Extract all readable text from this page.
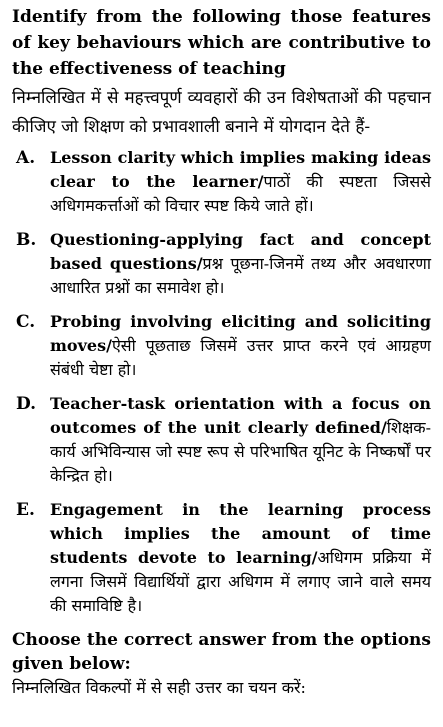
Identify from the following those features of key behaviours which are contributive to the effectiveness of teaching
निम्नलिखित में से महत्त्वपूर्ण व्यवहारों की उन विशेषताओं की पहचान कीजिए जो शिक्षण को प्रभावशाली बनाने में योगदान देते हैं-
A. Lesson clarity which implies making ideas clear to the learner/पाठों की स्पष्टता जिससे अधिगमकर्त्ताओं को विचार स्पष्ट किये जाते हों।
B. Questioning-applying fact and concept based questions/प्रश्न पूछना-जिनमें तथ्य और अवधारणा आधारित प्रश्नों का समावेश हो।
C. Probing involving eliciting and soliciting moves/ऐसी पूछताछ जिसमें उत्तर प्राप्त करने एवं आग्रहण संबंधी चेष्टा हो।
D. Teacher-task orientation with a focus on outcomes of the unit clearly defined/शिक्षक-कार्य अभिविन्यास जो स्पष्ट रूप से परिभाषित यूनिट के निष्कर्षों पर केन्द्रित हो।
E. Engagement in the learning process which implies the amount of time students devote to learning/अधिगम प्रक्रिया में लगना जिसमें विद्यार्थियों द्वारा अधिगम में लगाए जाने वाले समय की समाविष्टि है।
Choose the correct answer from the options given below:
निम्नलिखित विकल्पों में से सही उत्तर का चयन करें:
